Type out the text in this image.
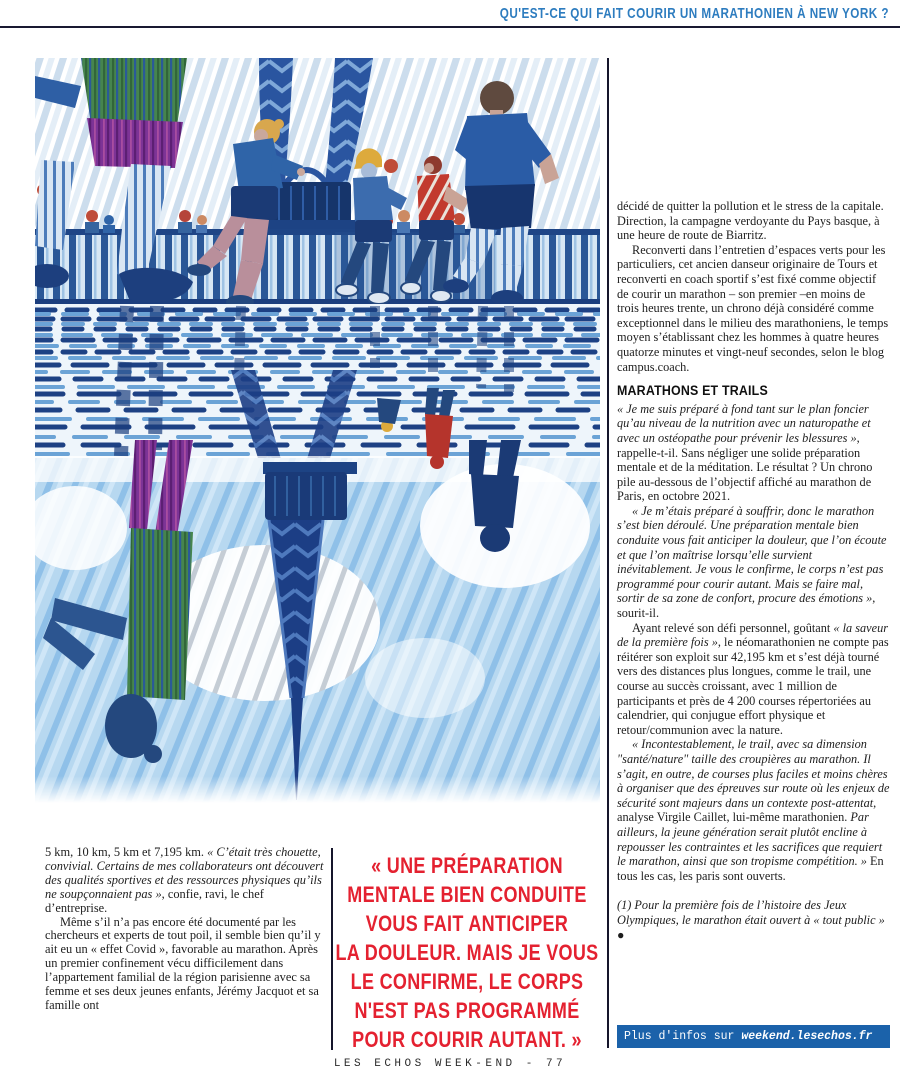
QU'EST-CE QUI FAIT COURIR UN MARATHONIEN À NEW YORK ?

5 km, 10 km, 5 km et 7,195 km. « C’était très chouette, convivial. Certains de mes collaborateurs ont découvert des qualités sportives et des ressources physiques qu’ils ne soupçonnaient pas », confie, ravi, le chef d’entreprise.

Même s’il n’a pas encore été documenté par les chercheurs et experts de tout poil, il semble bien qu’il y ait eu un « effet Covid », favorable au marathon. Après un premier confinement vécu difficilement dans l’appartement familial de la région parisienne avec sa femme et ses deux jeunes enfants, Jérémy Jacquot et sa famille ont

« UNE PRÉPARATION
MENTALE BIEN CONDUITE
VOUS FAIT ANTICIPER
LA DOULEUR. MAIS JE VOUS
LE CONFIRME, LE CORPS
N'EST PAS PROGRAMMÉ
POUR COURIR AUTANT. »

décidé de quitter la pollution et le stress de la capitale. Direction, la campagne verdoyante du Pays basque, à une heure de route de Biarritz.

Reconverti dans l’entretien d’espaces verts pour les particuliers, cet ancien danseur originaire de Tours et reconverti en coach sportif s’est fixé comme objectif de courir un marathon – son premier –en moins de trois heures trente, un chrono déjà considéré comme exceptionnel dans le milieu des marathoniens, le temps moyen s’établissant chez les hommes à quatre heures quatorze minutes et vingt-neuf secondes, selon le blog campus.coach.

MARATHONS ET TRAILS

« Je me suis préparé à fond tant sur le plan foncier qu’au niveau de la nutrition avec un naturopathe et avec un ostéopathe pour prévenir les blessures », rappelle-t-il. Sans négliger une solide préparation mentale et de la méditation. Le résultat ? Un chrono pile au-dessous de l’objectif affiché au marathon de Paris, en octobre 2021.

« Je m’étais préparé à souffrir, donc le marathon s’est bien déroulé. Une préparation mentale bien conduite vous fait anticiper la douleur, que l’on écoute et que l’on maîtrise lorsqu’elle survient inévitablement. Je vous le confirme, le corps n’est pas programmé pour courir autant. Mais se faire mal, sortir de sa zone de confort, procure des émotions », sourit-il.

Ayant relevé son défi personnel, goûtant « la saveur de la première fois », le néomarathonien ne compte pas réitérer son exploit sur 42,195 km et s’est déjà tourné vers des distances plus longues, comme le trail, une course au succès croissant, avec 1 million de participants et près de 4 200 courses répertoriées au calendrier, qui conjugue effort physique et retour/communion avec la nature.

« Incontestablement, le trail, avec sa dimension "santé/nature" taille des croupières au marathon. Il s’agit, en outre, de courses plus faciles et moins chères à organiser que des épreuves sur route où les enjeux de sécurité sont majeurs dans un contexte post-attentat, analyse Virgile Caillet, lui-même marathonien. Par ailleurs, la jeune génération serait plutôt encline à repousser les contraintes et les sacrifices que requiert le marathon, ainsi que son tropisme compétition. » En tous les cas, les paris sont ouverts.

(1) Pour la première fois de l’histoire des Jeux Olympiques, le marathon était ouvert à « tout public » ●

Plus d'infos sur weekend.lesechos.fr
LES ECHOS WEEK-END - 77
